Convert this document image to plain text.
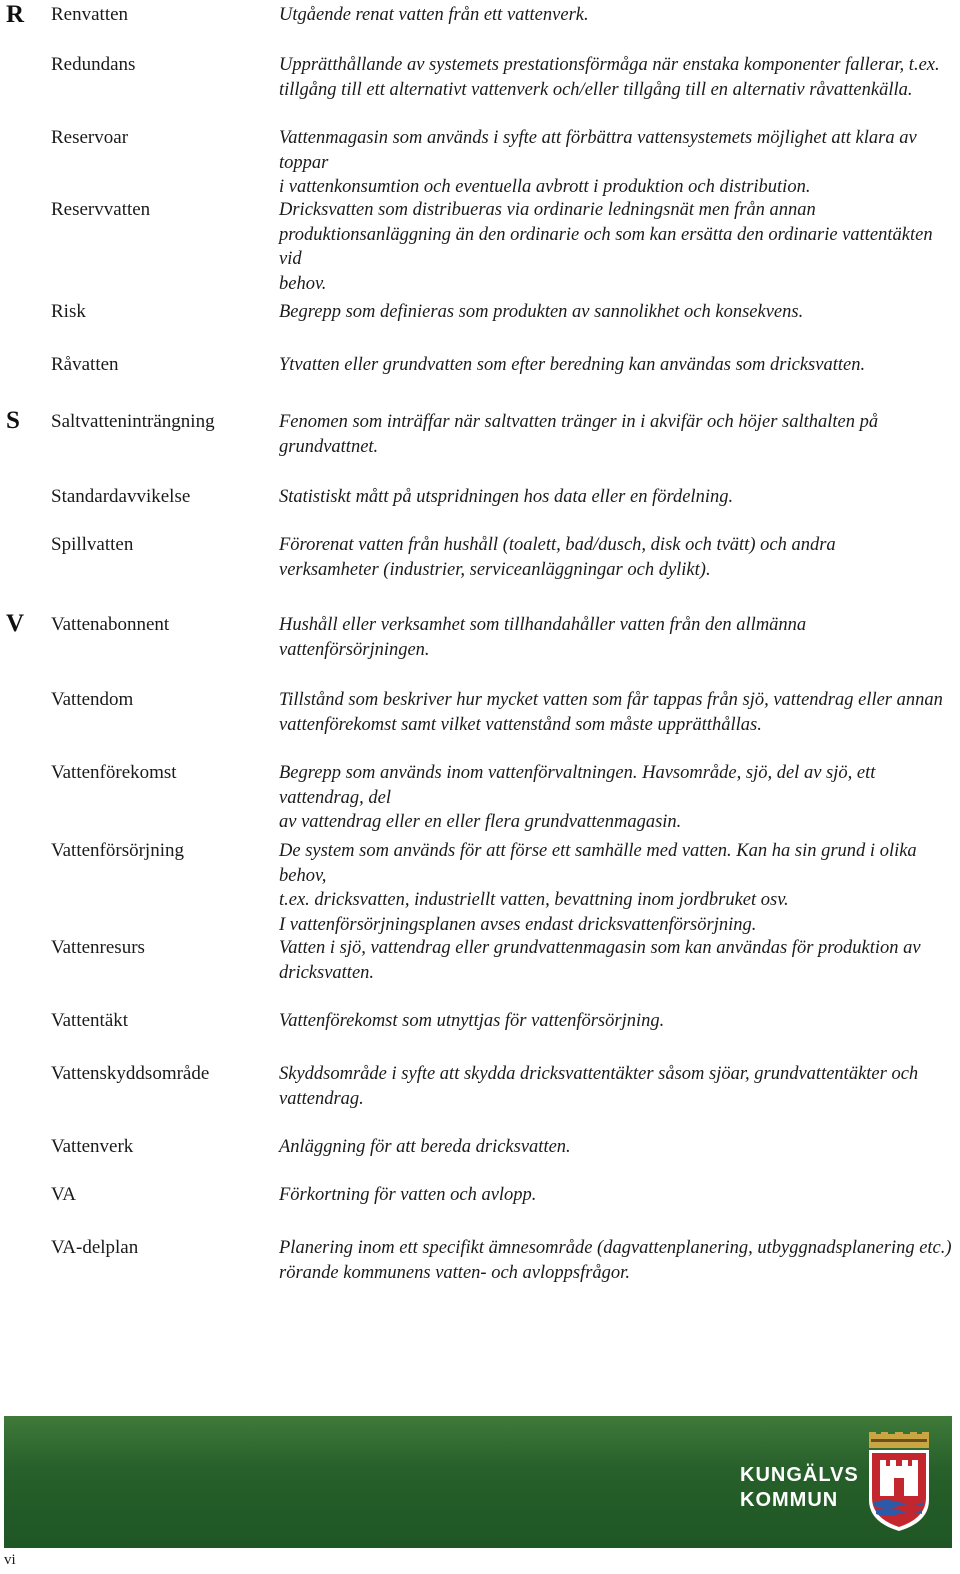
R
S
V
Renvatten	Utgående renat vatten från ett vattenverk.
Redundans	Upprätthållande av systemets prestationsförmåga när enstaka komponenter fallerar, t.ex.
tillgång till ett alternativt vattenverk och/eller tillgång till en alternativ råvattenkälla.
Reservoar	Vattenmagasin som används i syfte att förbättra vattensystemets möjlighet att klara av toppar
i vattenkonsumtion och eventuella avbrott i produktion och distribution.
Reservvatten	Dricksvatten som distribueras via ordinarie ledningsnät men från annan
produktionsanläggning än den ordinarie och som kan ersätta den ordinarie vattentäkten vid
behov.
Risk	Begrepp som definieras som produkten av sannolikhet och konsekvens.
Råvatten	Ytvatten eller grundvatten som efter beredning kan användas som dricksvatten.
Saltvatteninträngning	Fenomen som inträffar när saltvatten tränger in i akvifär och höjer salthalten på
grundvattnet.
Standardavvikelse	Statistiskt mått på utspridningen hos data eller en fördelning.
Spillvatten	Förorenat vatten från hushåll (toalett, bad/dusch, disk och tvätt) och andra
verksamheter (industrier, serviceanläggningar och dylikt).
Vattenabonnent	Hushåll eller verksamhet som tillhandahåller vatten från den allmänna
vattenförsörjningen.
Vattendom	Tillstånd som beskriver hur mycket vatten som får tappas från sjö, vattendrag eller annan
vattenförekomst samt vilket vattenstånd som måste upprätthållas.
Vattenförekomst	Begrepp som används inom vattenförvaltningen. Havsområde, sjö, del av sjö, ett vattendrag, del
av vattendrag eller en eller flera grundvattenmagasin.
Vattenförsörjning	De system som används för att förse ett samhälle med vatten. Kan ha sin grund i olika behov,
t.ex. dricksvatten, industriellt vatten, bevattning inom jordbruket osv.
I vattenförsörjningsplanen avses endast dricksvattenförsörjning.
Vattenresurs	Vatten i sjö, vattendrag eller grundvattenmagasin som kan användas för produktion av
dricksvatten.
Vattentäkt	Vattenförekomst som utnyttjas för vattenförsörjning.
Vattenskyddsområde	Skyddsområde i syfte att skydda dricksvattentäkter såsom sjöar, grundvattentäkter och
vattendrag.
Vattenverk	Anläggning för att bereda dricksvatten.
VA	Förkortning för vatten och avlopp.
VA-delplan	Planering inom ett specifikt ämnesområde (dagvattenplanering, utbyggnadsplanering etc.)
rörande kommunens vatten- och avloppsfrågor.
KUNGÄLVS
KOMMUN
vi
